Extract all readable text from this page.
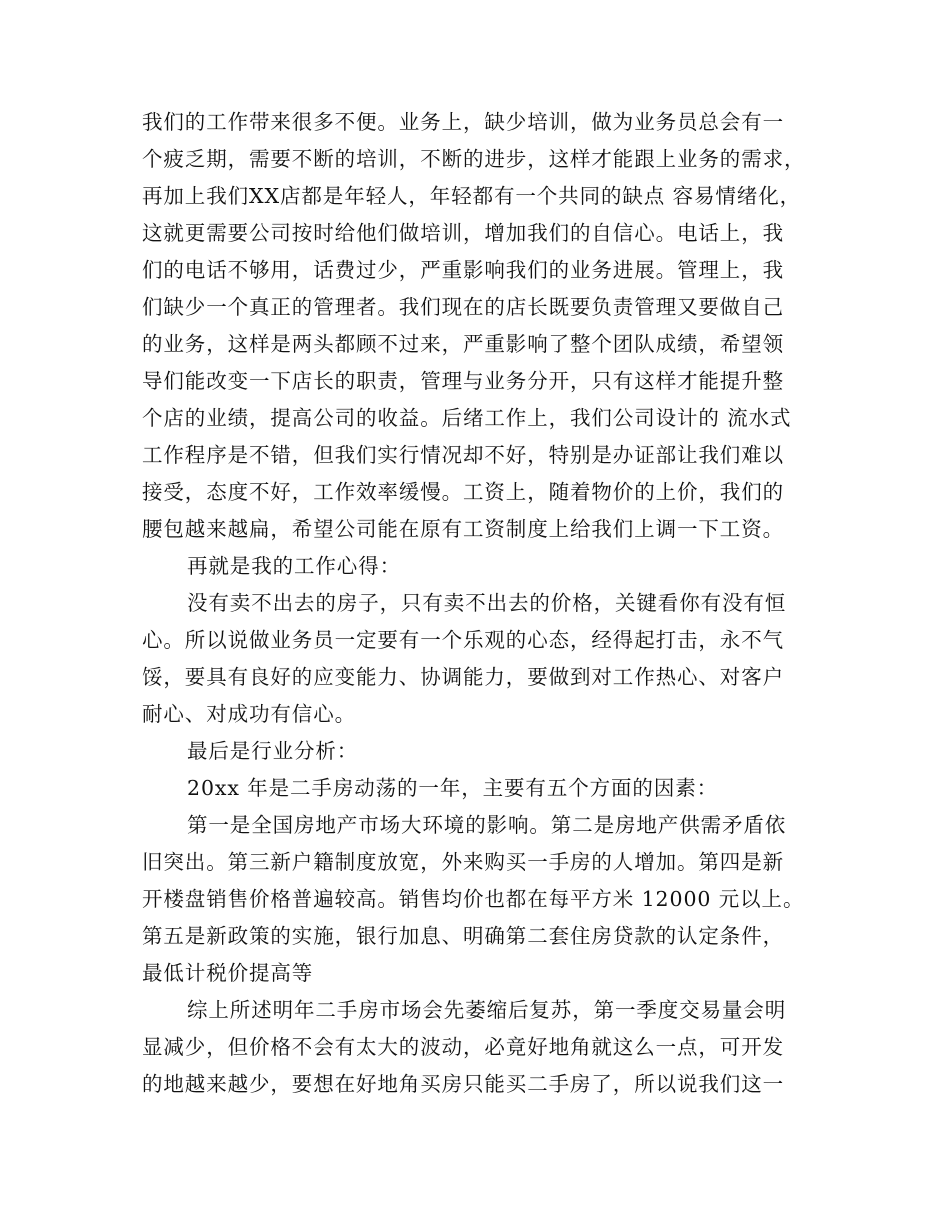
我们的工作带来很多不便。业务上，缺少培训，做为业务员总会有一
个疲乏期，需要不断的培训，不断的进步，这样才能跟上业务的需求，
再加上我们XX店都是年轻人，年轻都有一个共同的缺点 容易情绪化，
这就更需要公司按时给他们做培训，增加我们的自信心。电话上，我
们的电话不够用，话费过少，严重影响我们的业务进展。管理上，我
们缺少一个真正的管理者。我们现在的店长既要负责管理又要做自己
的业务，这样是两头都顾不过来，严重影响了整个团队成绩，希望领
导们能改变一下店长的职责，管理与业务分开，只有这样才能提升整
个店的业绩，提高公司的收益。后绪工作上，我们公司设计的 流水式
工作程序是不错，但我们实行情况却不好，特别是办证部让我们难以
接受，态度不好，工作效率缓慢。工资上，随着物价的上价，我们的
腰包越来越扁，希望公司能在原有工资制度上给我们上调一下工资。
再就是我的工作心得：
没有卖不出去的房子，只有卖不出去的价格，关键看你有没有恒
心。所以说做业务员一定要有一个乐观的心态，经得起打击，永不气
馁，要具有良好的应变能力、协调能力，要做到对工作热心、对客户
耐心、对成功有信心。
最后是行业分析：
20xx 年是二手房动荡的一年，主要有五个方面的因素：
第一是全国房地产市场大环境的影响。第二是房地产供需矛盾依
旧突出。第三新户籍制度放宽，外来购买一手房的人增加。第四是新
开楼盘销售价格普遍较高。销售均价也都在每平方米 12000 元以上。
第五是新政策的实施，银行加息、明确第二套住房贷款的认定条件，
最低计税价提高等
综上所述明年二手房市场会先萎缩后复苏，第一季度交易量会明
显减少，但价格不会有太大的波动，必竟好地角就这么一点，可开发
的地越来越少，要想在好地角买房只能买二手房了，所以说我们这一
